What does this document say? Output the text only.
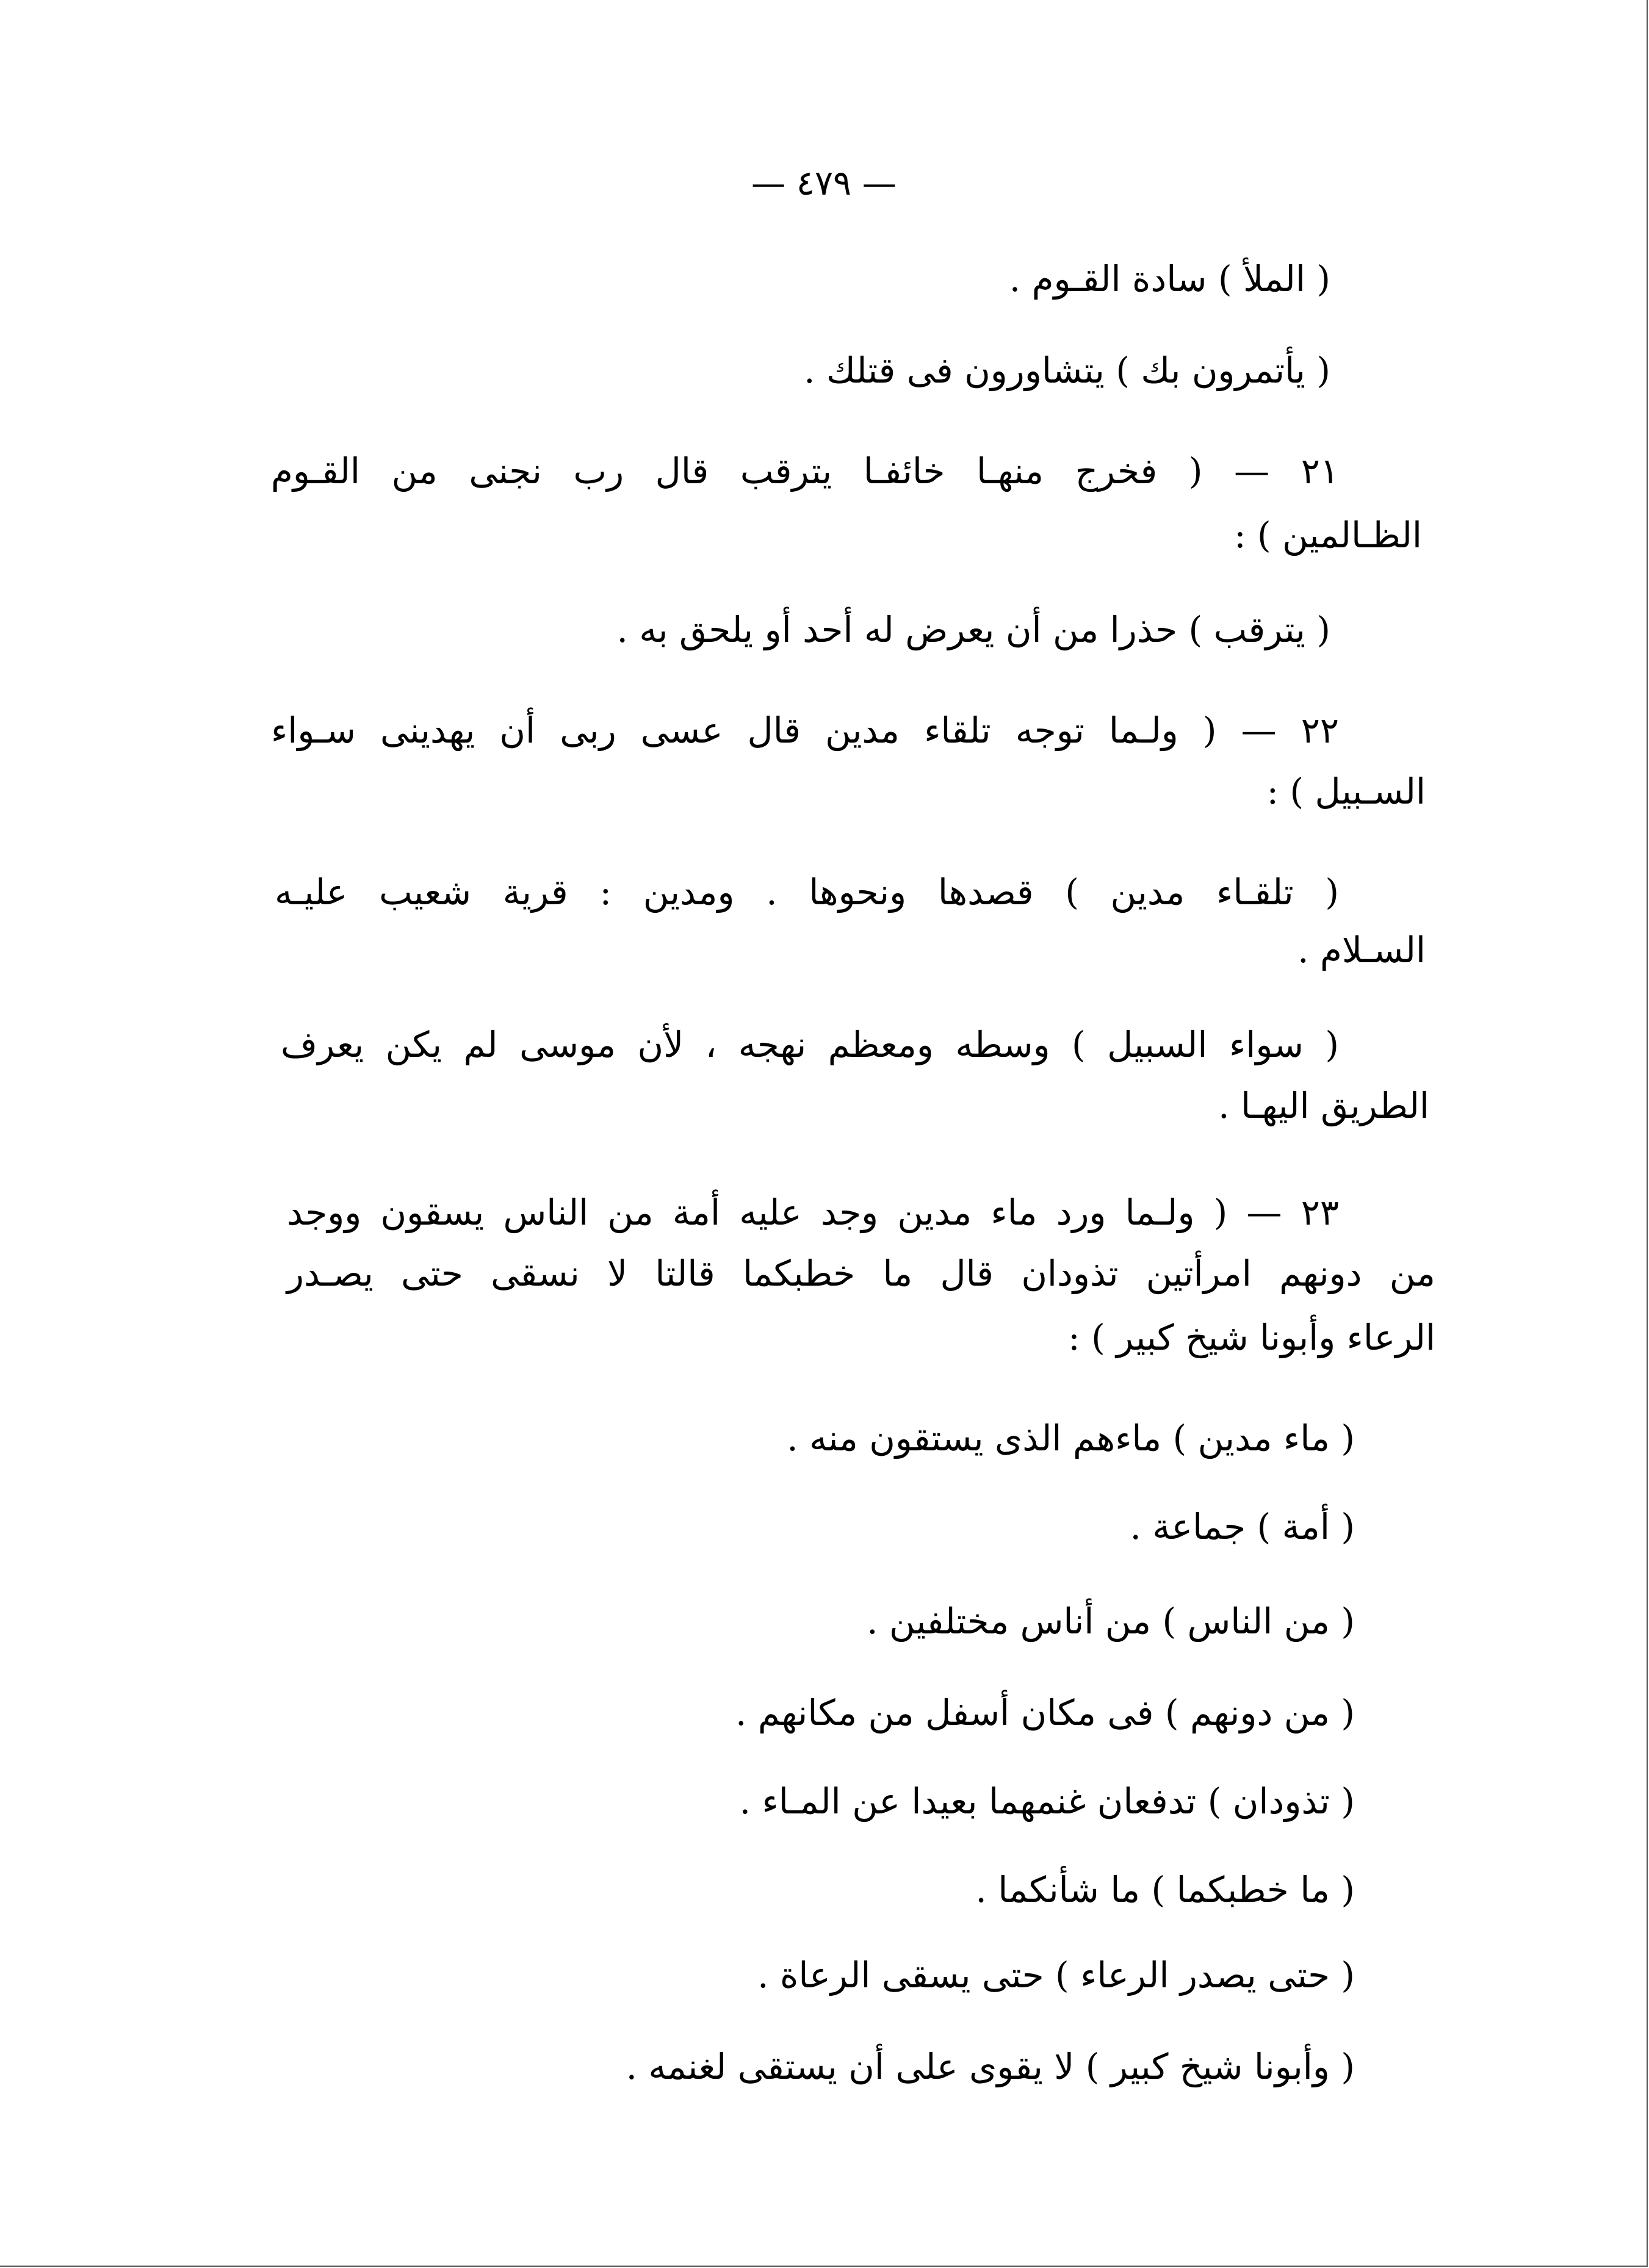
— ٤٧٩ —
( الملأ ) سادة القـوم .
( يأتمرون بك ) يتشاورون فى قتلك .
٢١ — ( فخرج منهـا خائفـا يترقب قال رب نجنى من القـوم
الظـالمين ) :
( يترقب ) حذرا من أن يعرض له أحد أو يلحق به .
٢٢ — ( ولـما توجه تلقاء مدين قال عسى ربى أن يهدينى سـواء
السـبيل ) :
( تلقـاء مدين ) قصدها ونحوها . ومدين : قرية شعيب عليـه
السـلام .
( سواء السبيل ) وسطه ومعظم نهجه ، لأن موسى لم يكن يعرف
الطريق اليهـا .
٢٣ — ( ولـما ورد ماء مدين وجد عليه أمة من الناس يسقون ووجد
من دونهم امرأتين تذودان قال ما خطبكما قالتا لا نسقى حتى يصـدر
الرعاء وأبونا شيخ كبير ) :
( ماء مدين ) ماءهم الذى يستقون منه .
( أمة ) جماعة .
( من الناس ) من أناس مختلفين .
( من دونهم ) فى مكان أسفل من مكانهم .
( تذودان ) تدفعان غنمهما بعيدا عن المـاء .
( ما خطبكما ) ما شأنكما .
( حتى يصدر الرعاء ) حتى يسقى الرعاة .
( وأبونا شيخ كبير ) لا يقوى على أن يستقى لغنمه .
